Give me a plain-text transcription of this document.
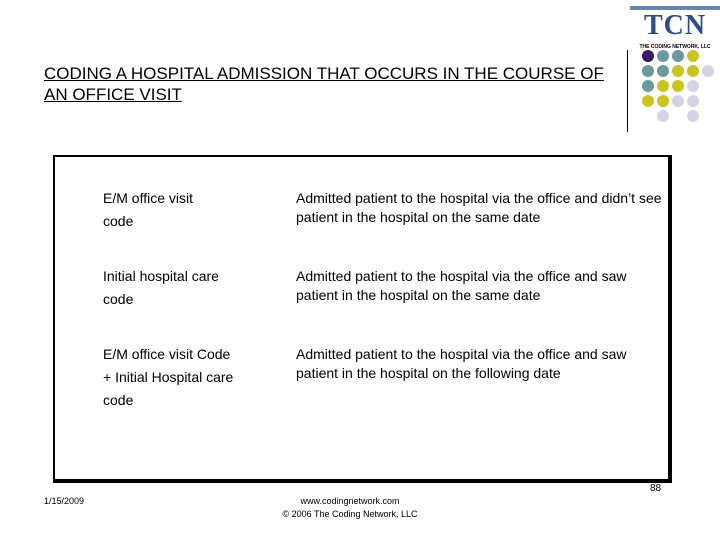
CODING A HOSPITAL ADMISSION THAT OCCURS IN THE COURSE OF AN OFFICE VISIT
TCN
THE CODING NETWORK, LLC
E/M office visit code
Admitted patient to the hospital via the office and didn’t see patient in the hospital on the same date
Initial hospital care code
Admitted patient to the hospital via the office and saw patient in the hospital on the same date
E/M office visit Code + Initial Hospital care code
Admitted patient to the hospital via the office and saw patient in the hospital on the following date
88
1/15/2009	www.codingnetwork.com
© 2006 The Coding Network, LLC
